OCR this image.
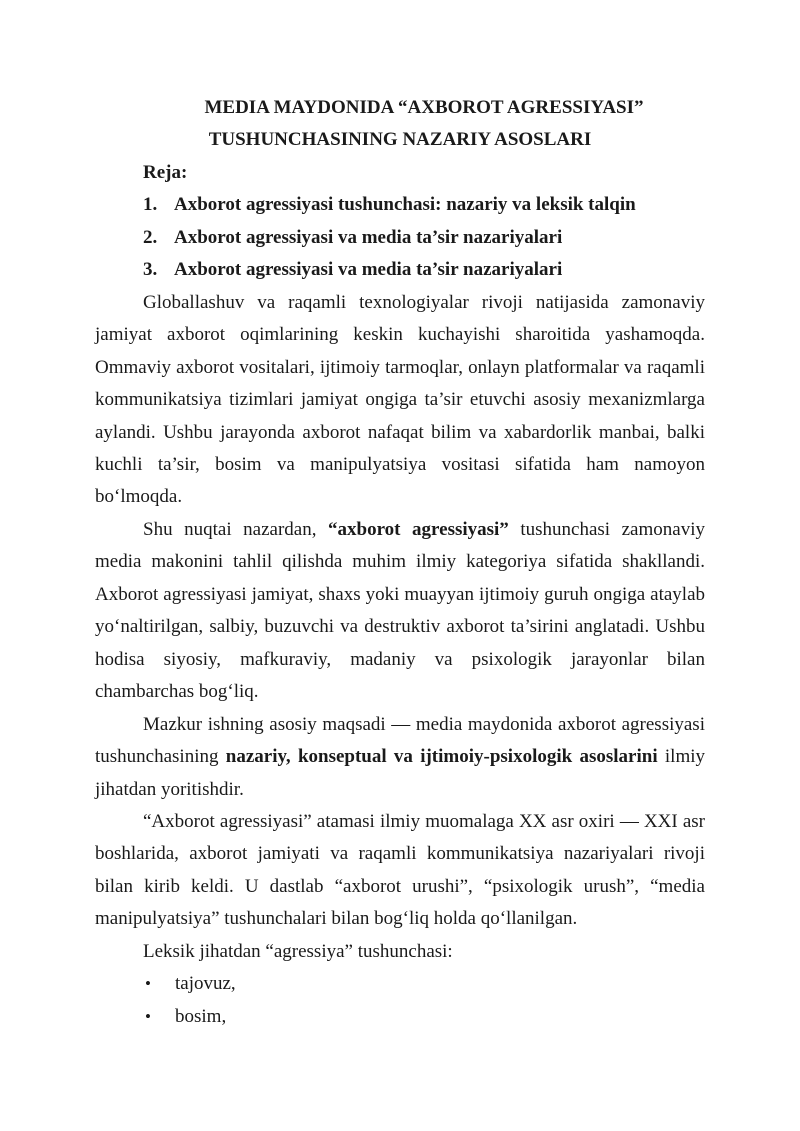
MEDIA MAYDONIDA “AXBOROT AGRESSIYASI”
TUSHUNCHASINING NAZARIY ASOSLARI
Reja:
1. Axborot agressiyasi tushunchasi: nazariy va leksik talqin
2. Axborot agressiyasi va media ta’sir nazariyalari
3. Axborot agressiyasi va media ta’sir nazariyalari

Globallashuv va raqamli texnologiyalar rivoji natijasida zamonaviy jamiyat axborot oqimlarining keskin kuchayishi sharoitida yashamoqda. Ommaviy axborot vositalari, ijtimoiy tarmoqlar, onlayn platformalar va raqamli kommunikatsiya tizimlari jamiyat ongiga ta’sir etuvchi asosiy mexanizmlarga aylandi. Ushbu jarayonda axborot nafaqat bilim va xabardorlik manbai, balki kuchli ta’sir, bosim va manipulyatsiya vositasi sifatida ham namoyon bo‘lmoqda.

Shu nuqtai nazardan, “axborot agressiyasi” tushunchasi zamonaviy media makonini tahlil qilishda muhim ilmiy kategoriya sifatida shakllandi. Axborot agressiyasi jamiyat, shaxs yoki muayyan ijtimoiy guruh ongiga ataylab yo‘naltirilgan, salbiy, buzuvchi va destruktiv axborot ta’sirini anglatadi. Ushbu hodisa siyosiy, mafkuraviy, madaniy va psixologik jarayonlar bilan chambarchas bog‘liq.

Mazkur ishning asosiy maqsadi — media maydonida axborot agressiyasi tushunchasining nazariy, konseptual va ijtimoiy-psixologik asoslarini ilmiy jihatdan yoritishdir.

“Axborot agressiyasi” atamasi ilmiy muomalaga XX asr oxiri — XXI asr boshlarida, axborot jamiyati va raqamli kommunikatsiya nazariyalari rivoji bilan kirib keldi. U dastlab “axborot urushi”, “psixologik urush”, “media manipulyatsiya” tushunchalari bilan bog‘liq holda qo‘llanilgan.

Leksik jihatdan “agressiya” tushunchasi:

•	tajovuz,
•	bosim,
